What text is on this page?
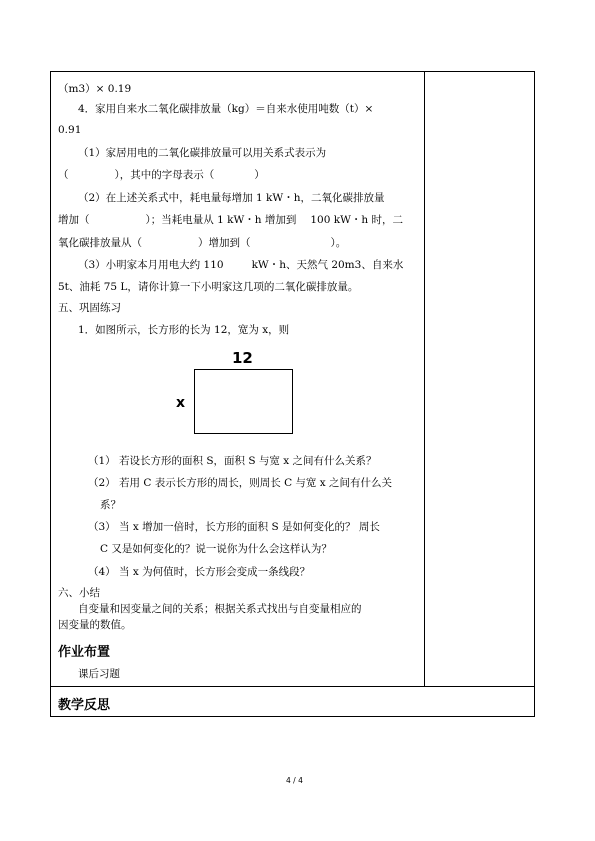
（m3）× 0.19
4．家用自来水二氧化碳排放量（kg）＝自来水使用吨数（t）×
0.91
（1）家居用电的二氧化碳排放量可以用关系式表示为
（	），其中的字母表示（	）
（2）在上述关系式中，耗电量每增加 1 kW・h，二氧化碳排放量
增加（	）；当耗电量从 1 kW・h 增加到 100 kW・h 时，二
氧化碳排放量从（	）增加到（	）。
（3）小明家本月用电大约 110	kW・h、天然气 20m3、自来水
5t、油耗 75 L，请你计算一下小明家这几项的二氧化碳排放量。
五、巩固练习
1．如图所示，长方形的长为 12，宽为 x，则
12
x
（1） 若设长方形的面积 S，面积 S 与宽 x 之间有什么关系？
（2） 若用 C 表示长方形的周长，则周长 C 与宽 x 之间有什么关
系？
（3） 当 x 增加一倍时，长方形的面积 S 是如何变化的？ 周长
C 又是如何变化的？说一说你为什么会这样认为？
（4） 当 x 为何值时，长方形会变成一条线段？
六、小结
自变量和因变量之间的关系；根据关系式找出与自变量相应的
因变量的数值。
作业布置
课后习题
教学反思
4 / 4
